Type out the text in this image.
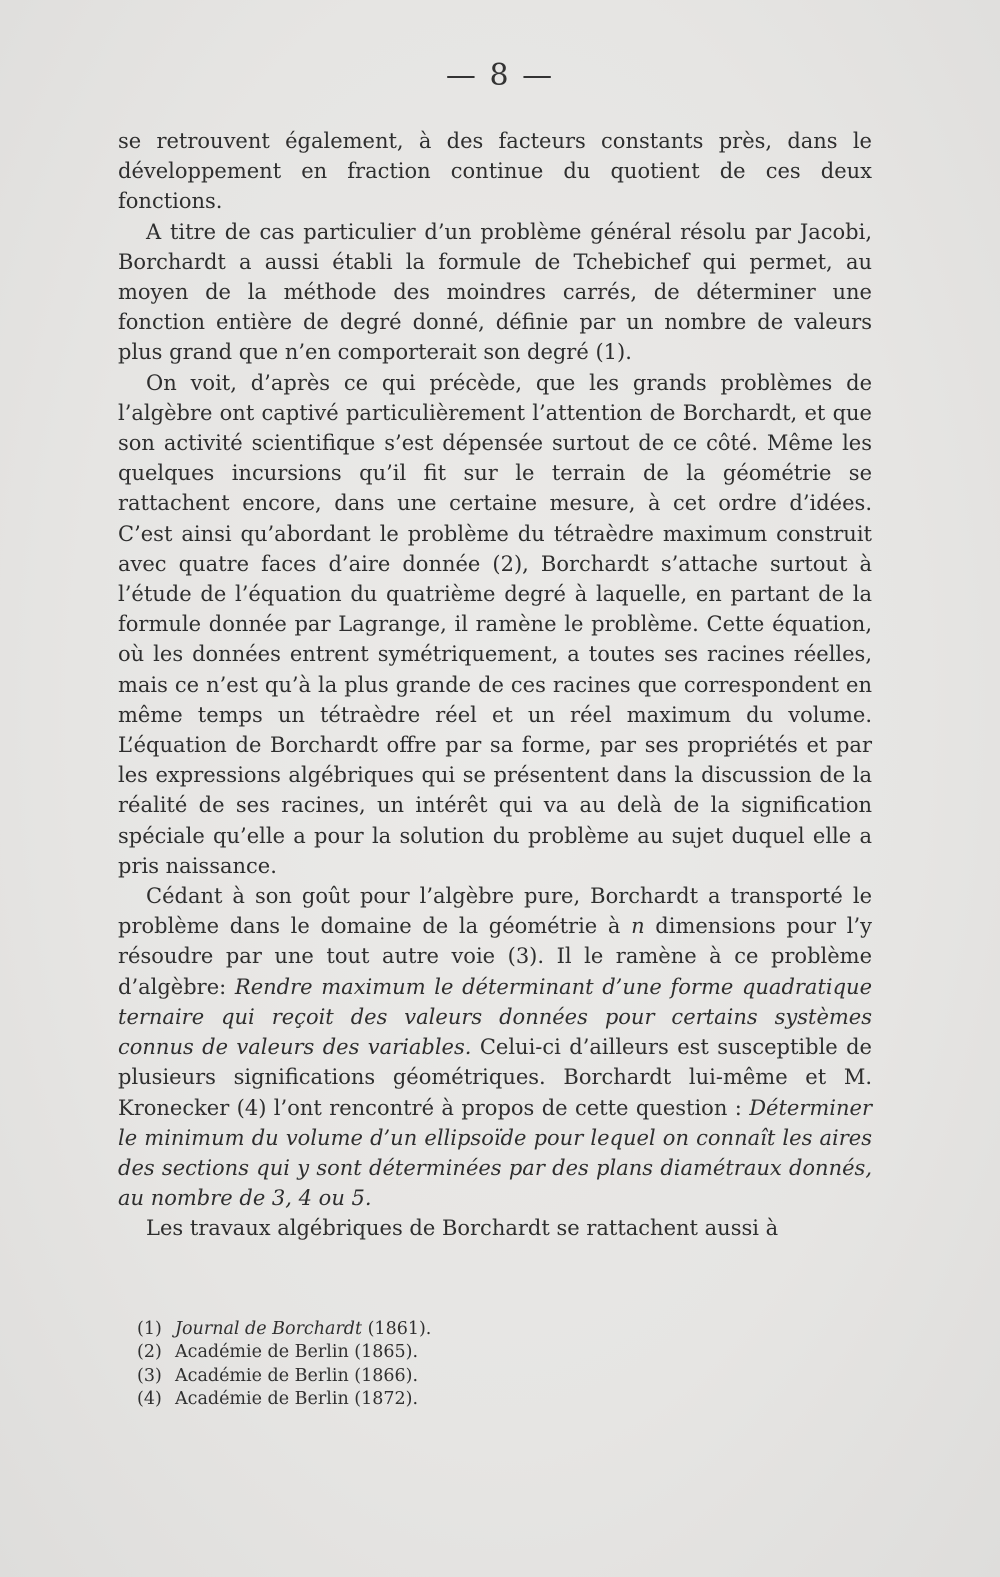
— 8 —

se retrouvent également, à des facteurs constants près, dans le développement en fraction continue du quotient de ces deux fonctions.

A titre de cas particulier d’un problème général résolu par Jacobi, Borchardt a aussi établi la formule de Tchebichef qui permet, au moyen de la méthode des moindres carrés, de déterminer une fonction entière de degré donné, définie par un nombre de valeurs plus grand que n’en comporterait son degré (1).

On voit, d’après ce qui précède, que les grands problèmes de l’algèbre ont captivé particulièrement l’attention de Borchardt, et que son activité scientifique s’est dépensée surtout de ce côté. Même les quelques incursions qu’il fit sur le terrain de la géométrie se rattachent encore, dans une certaine mesure, à cet ordre d’idées. C’est ainsi qu’abordant le problème du tétraèdre maximum construit avec quatre faces d’aire donnée (2), Borchardt s’attache surtout à l’étude de l’équation du quatrième degré à laquelle, en partant de la formule donnée par Lagrange, il ramène le problème. Cette équation, où les données entrent symétriquement, a toutes ses racines réelles, mais ce n’est qu’à la plus grande de ces racines que correspondent en même temps un tétraèdre réel et un réel maximum du volume. L’équation de Borchardt offre par sa forme, par ses propriétés et par les expressions algébriques qui se présentent dans la discussion de la réalité de ses racines, un intérêt qui va au delà de la signification spéciale qu’elle a pour la solution du problème au sujet duquel elle a pris naissance.

Cédant à son goût pour l’algèbre pure, Borchardt a transporté le problème dans le domaine de la géométrie à n dimensions pour l’y résoudre par une tout autre voie (3). Il le ramène à ce problème d’algèbre: Rendre maximum le déterminant d’une forme quadratique ternaire qui reçoit des valeurs données pour certains systèmes connus de valeurs des variables. Celui-ci d’ailleurs est susceptible de plusieurs significations géométriques. Borchardt lui-même et M. Kronecker (4) l’ont rencontré à propos de cette question : Déterminer le minimum du volume d’un ellipsoïde pour lequel on connaît les aires des sections qui y sont déterminées par des plans diamétraux donnés, au nombre de 3, 4 ou 5.

Les travaux algébriques de Borchardt se rattachent aussi à

(1) Journal de Borchardt (1861).
(2) Académie de Berlin (1865).
(3) Académie de Berlin (1866).
(4) Académie de Berlin (1872).
